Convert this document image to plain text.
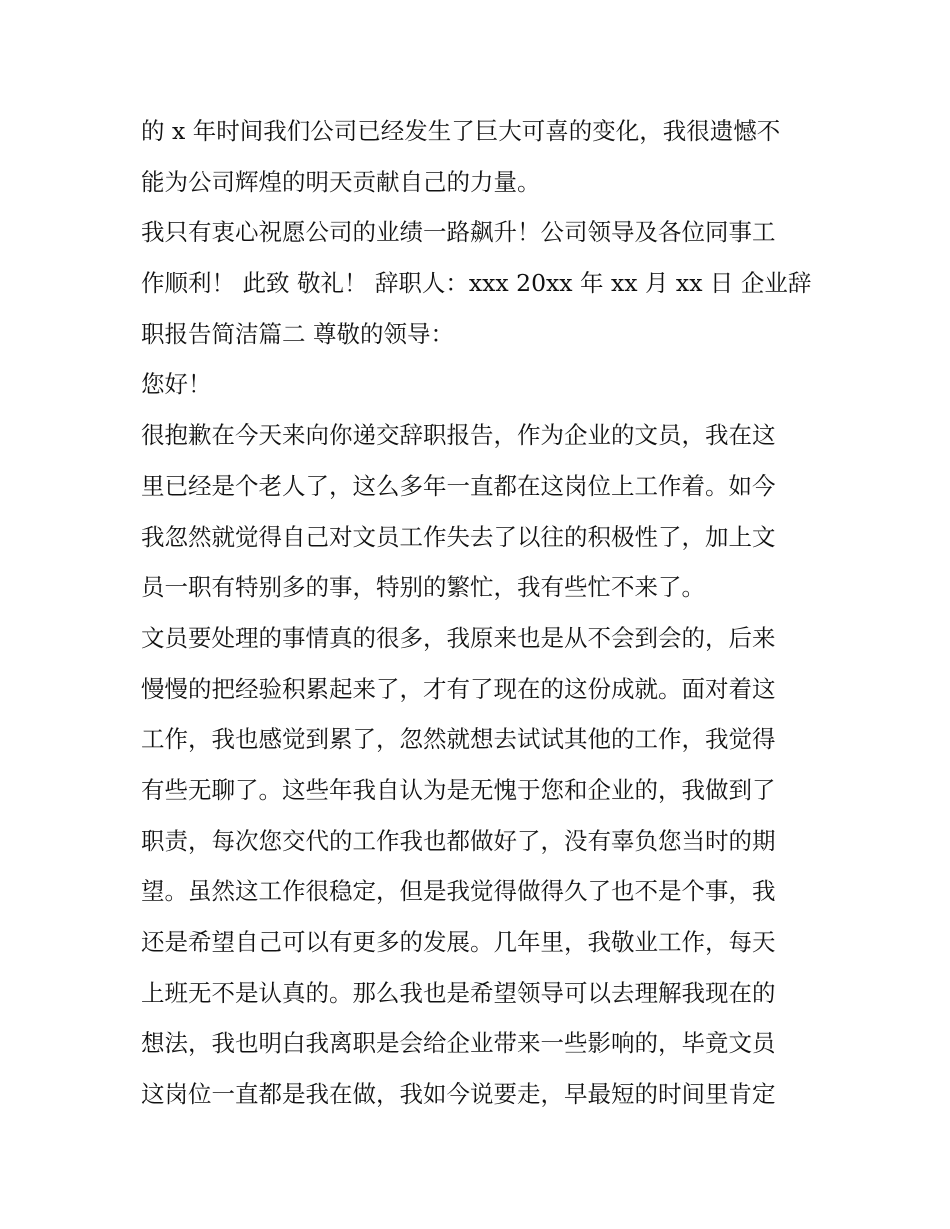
的 x 年时间我们公司已经发生了巨大可喜的变化，我很遗憾不
能为公司辉煌的明天贡献自己的力量。
我只有衷心祝愿公司的业绩一路飙升！公司领导及各位同事工
作顺利！ 此致 敬礼！ 辞职人：xxx 20xx 年 xx 月 xx 日 企业辞
职报告简洁篇二 尊敬的领导：
您好！
很抱歉在今天来向你递交辞职报告，作为企业的文员，我在这
里已经是个老人了，这么多年一直都在这岗位上工作着。如今
我忽然就觉得自己对文员工作失去了以往的积极性了，加上文
员一职有特别多的事，特别的繁忙，我有些忙不来了。
文员要处理的事情真的很多，我原来也是从不会到会的，后来
慢慢的把经验积累起来了，才有了现在的这份成就。面对着这
工作，我也感觉到累了，忽然就想去试试其他的工作，我觉得
有些无聊了。这些年我自认为是无愧于您和企业的，我做到了
职责，每次您交代的工作我也都做好了，没有辜负您当时的期
望。虽然这工作很稳定，但是我觉得做得久了也不是个事，我
还是希望自己可以有更多的发展。几年里，我敬业工作，每天
上班无不是认真的。那么我也是希望领导可以去理解我现在的
想法，我也明白我离职是会给企业带来一些影响的，毕竟文员
这岗位一直都是我在做，我如今说要走，早最短的时间里肯定
